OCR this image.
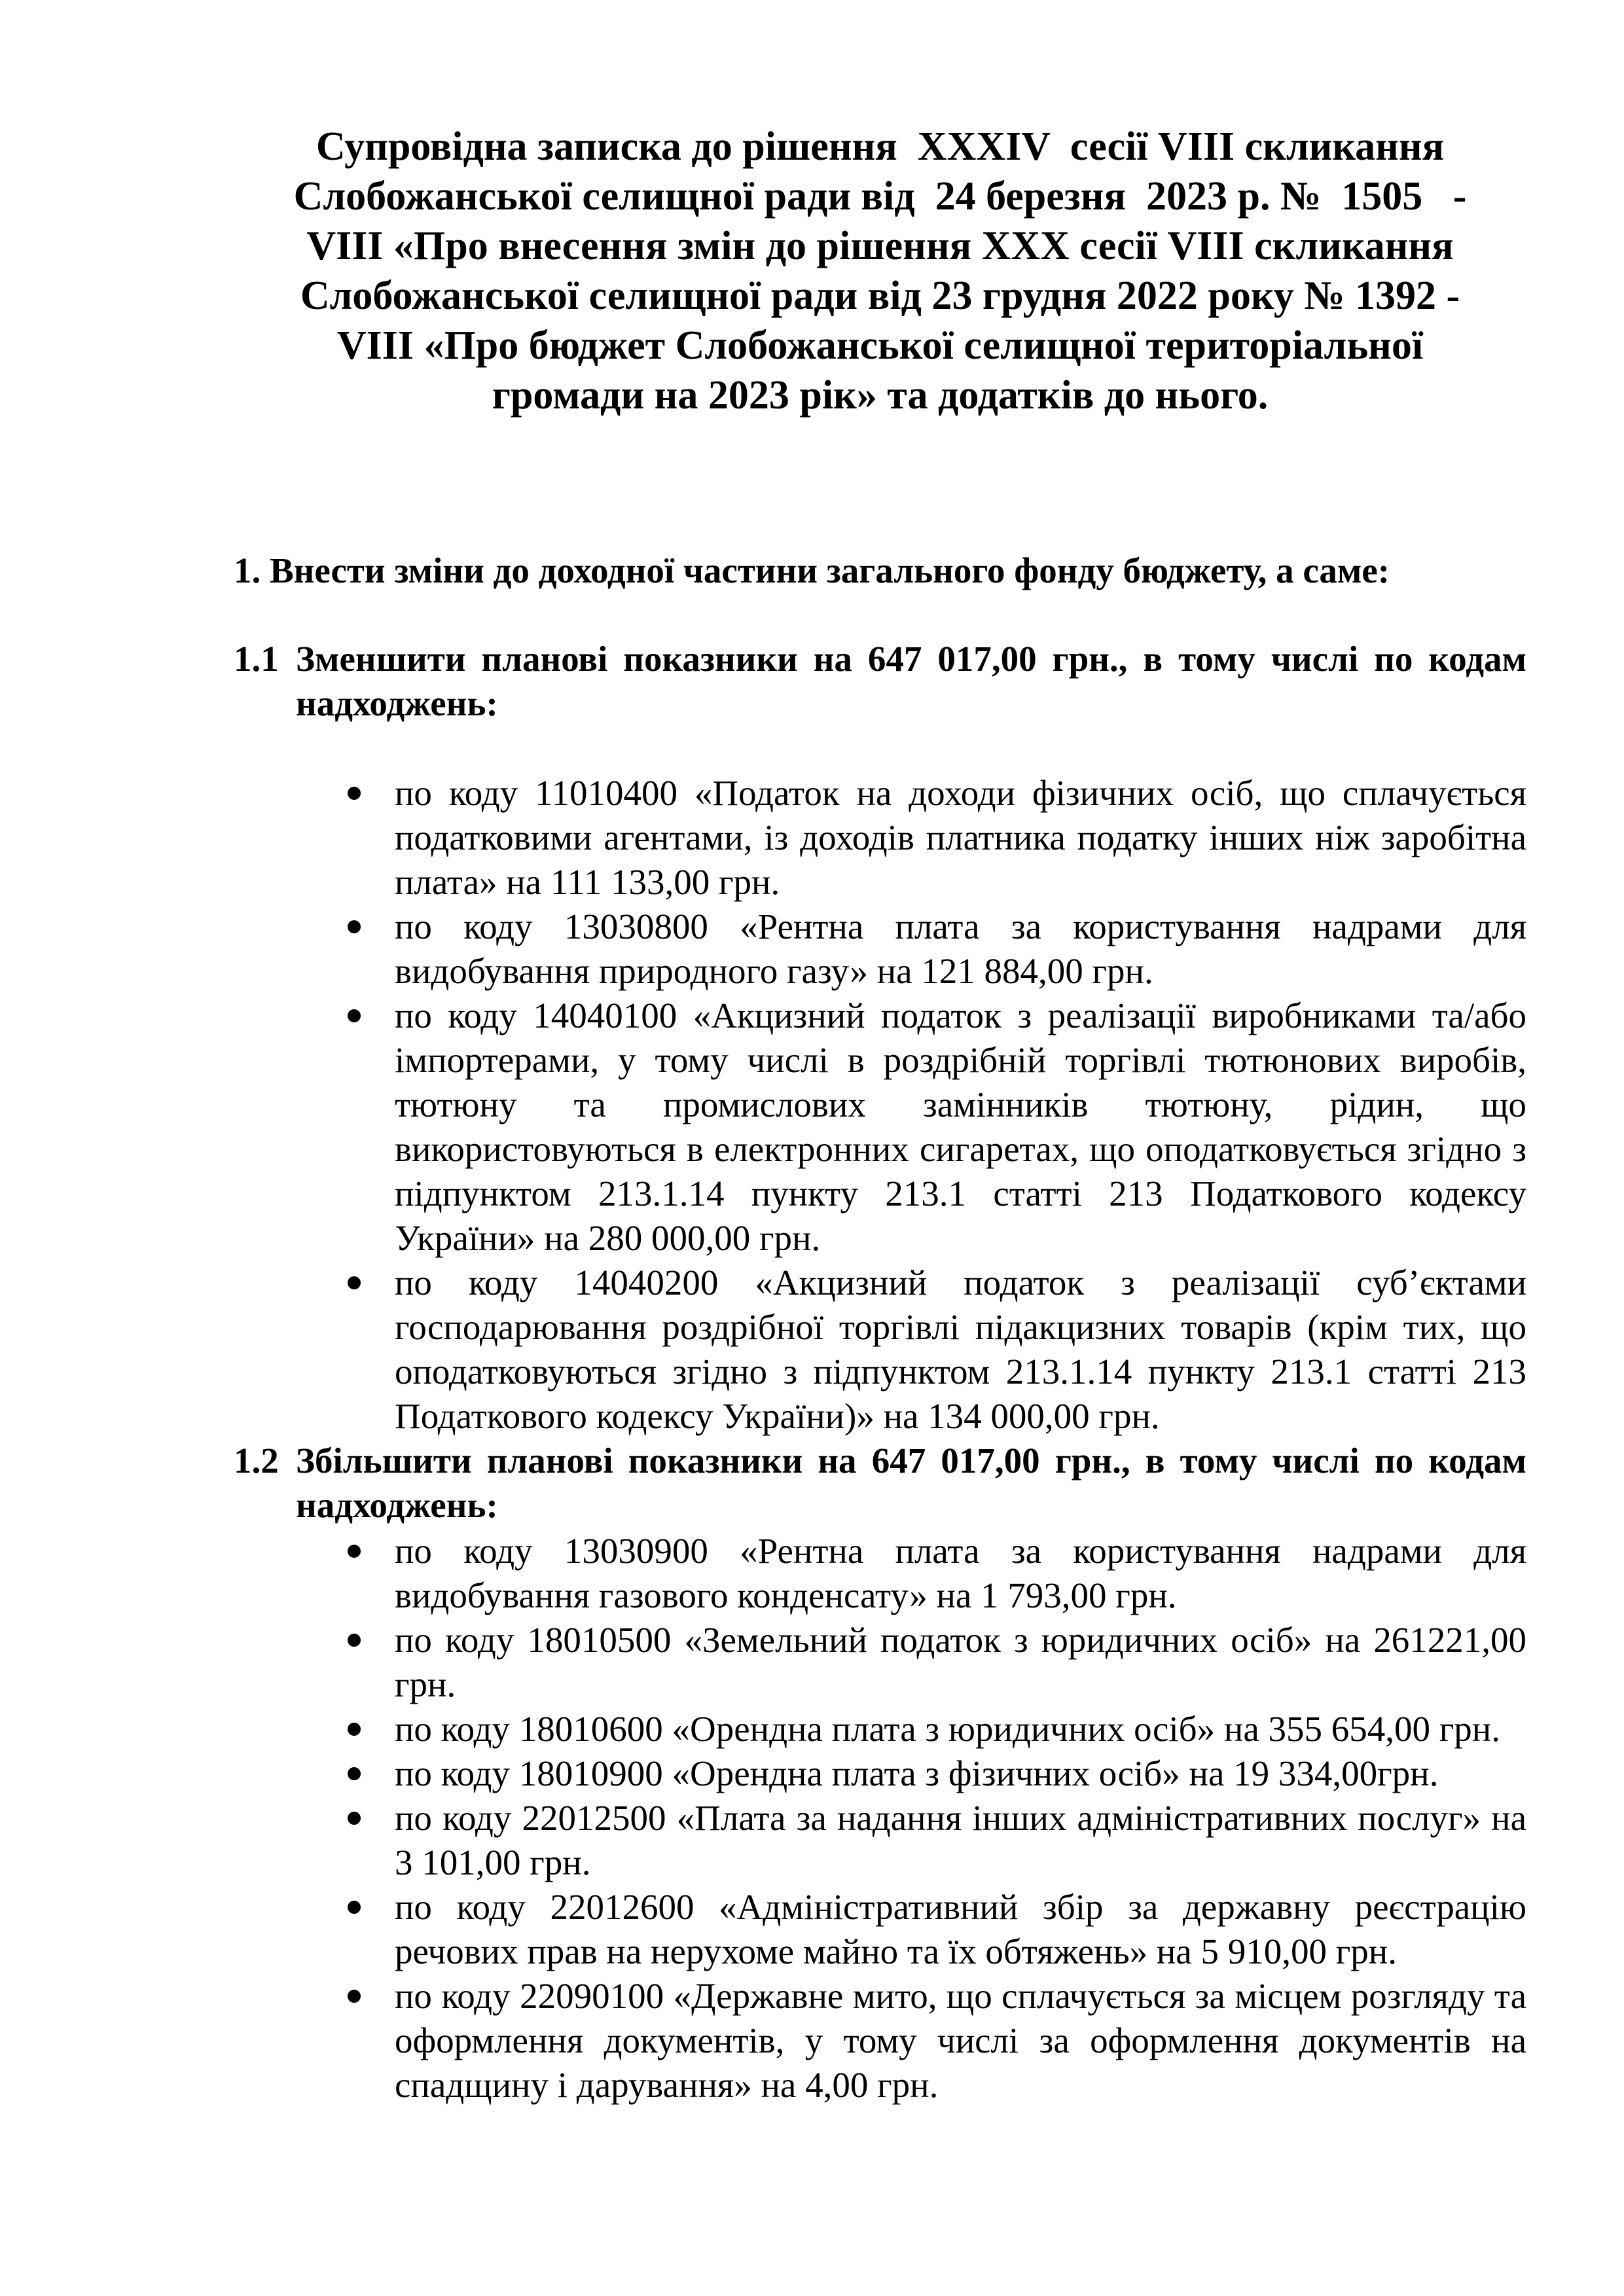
Супровідна записка до рішення  XXXIV  сесії VIII скликання
Слобожанської селищної ради від  24 березня  2023 р. №  1505   -
VIII «Про внесення змін до рішення XXX сесії VIII скликання
Слобожанської селищної ради від 23 грудня 2022 року № 1392 -
VIII «Про бюджет Слобожанської селищної територіальної
громади на 2023 рік» та додатків до нього.

1. Внести зміни до доходної частини загального фонду бюджету, а саме:

1.1 Зменшити планові показники на 647 017,00 грн., в тому числі по кодам надходжень:
по коду 11010400 «Податок на доходи фізичних осіб, що сплачується податковими агентами, із доходів платника податку інших ніж заробітна плата» на 111 133,00 грн.
по коду 13030800 «Рентна плата за користування надрами для видобування природного газу» на 121 884,00 грн.
по коду 14040100 «Акцизний податок з реалізації виробниками та/або імпортерами, у тому числі в роздрібній торгівлі тютюнових виробів, тютюну та промислових замінників тютюну, рідин, що використовуються в електронних сигаретах, що оподатковується згідно з підпунктом 213.1.14 пункту 213.1 статті 213 Податкового кодексу України» на 280 000,00 грн.
по коду 14040200 «Акцизний податок з реалізації суб’єктами господарювання роздрібної торгівлі підакцизних товарів (крім тих, що оподатковуються згідно з підпунктом 213.1.14 пункту 213.1 статті 213 Податкового кодексу України)» на 134 000,00 грн.
1.2 Збільшити планові показники на 647 017,00 грн., в тому числі по кодам надходжень:
по коду 13030900 «Рентна плата за користування надрами для видобування газового конденсату» на 1 793,00 грн.
по коду 18010500 «Земельний податок з юридичних осіб» на 261221,00 грн.
по коду 18010600 «Орендна плата з юридичних осіб» на 355 654,00 грн.
по коду 18010900 «Орендна плата з фізичних осіб» на 19 334,00грн.
по коду 22012500 «Плата за надання інших адміністративних послуг» на 3 101,00 грн.
по коду 22012600 «Адміністративний збір за державну реєстрацію речових прав на нерухоме майно та їх обтяжень» на 5 910,00 грн.
по коду 22090100 «Державне мито, що сплачується за місцем розгляду та оформлення документів, у тому числі за оформлення документів на спадщину і дарування» на 4,00 грн.
